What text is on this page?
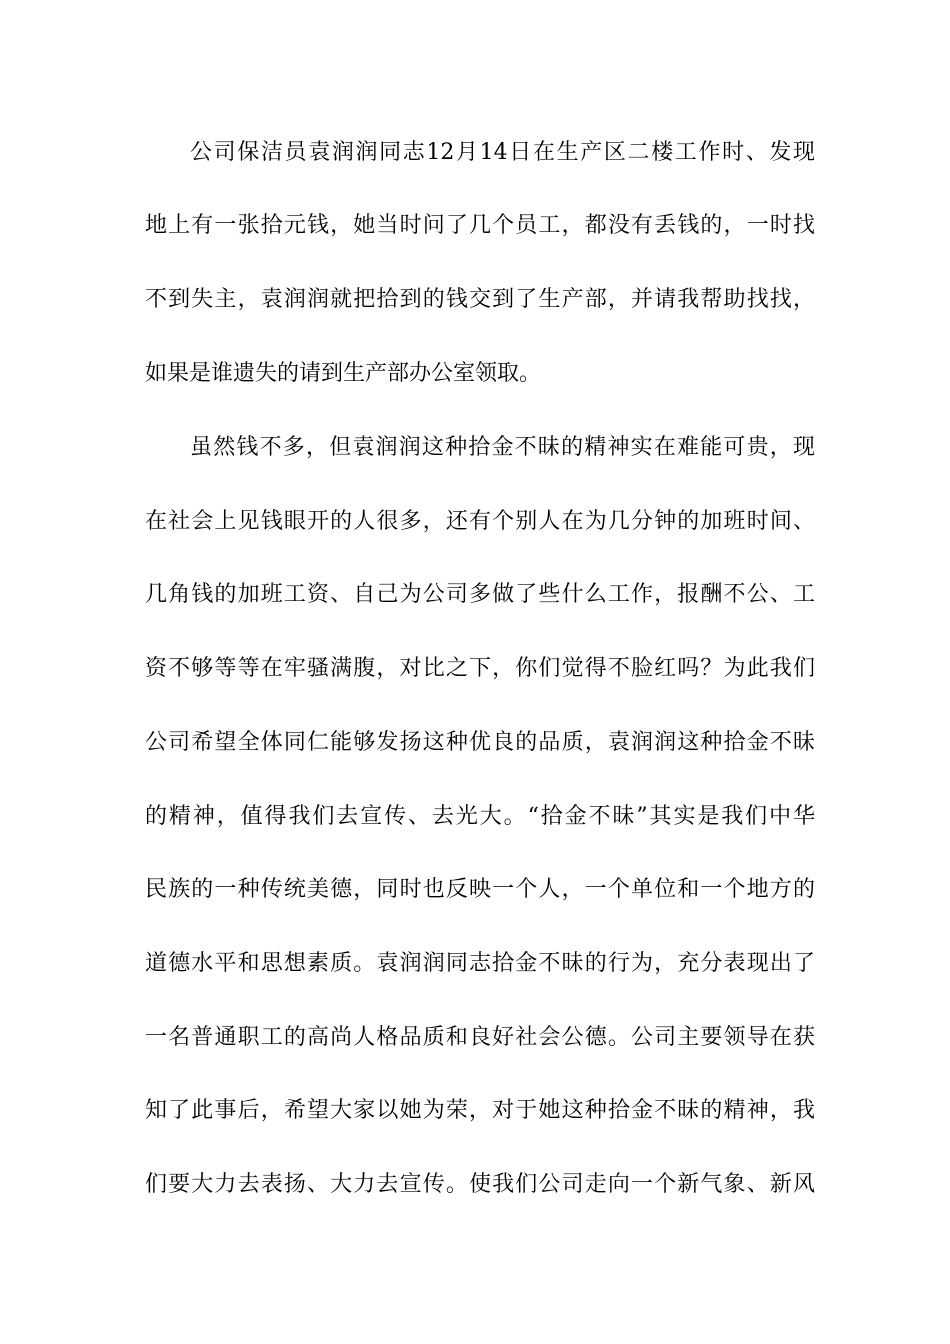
公司保洁员袁润润同志12月14日在生产区二楼工作时、发现
地上有一张拾元钱，她当时问了几个员工，都没有丢钱的，一时找
不到失主，袁润润就把拾到的钱交到了生产部，并请我帮助找找，
如果是谁遗失的请到生产部办公室领取。
虽然钱不多，但袁润润这种拾金不昧的精神实在难能可贵，现
在社会上见钱眼开的人很多，还有个别人在为几分钟的加班时间、
几角钱的加班工资、自己为公司多做了些什么工作，报酬不公、工
资不够等等在牢骚满腹，对比之下，你们觉得不脸红吗？为此我们
公司希望全体同仁能够发扬这种优良的品质，袁润润这种拾金不昧
的精神，值得我们去宣传、去光大。“拾金不昧”其实是我们中华
民族的一种传统美德，同时也反映一个人，一个单位和一个地方的
道德水平和思想素质。袁润润同志拾金不昧的行为，充分表现出了
一名普通职工的高尚人格品质和良好社会公德。公司主要领导在获
知了此事后，希望大家以她为荣，对于她这种拾金不昧的精神，我
们要大力去表扬、大力去宣传。使我们公司走向一个新气象、新风
